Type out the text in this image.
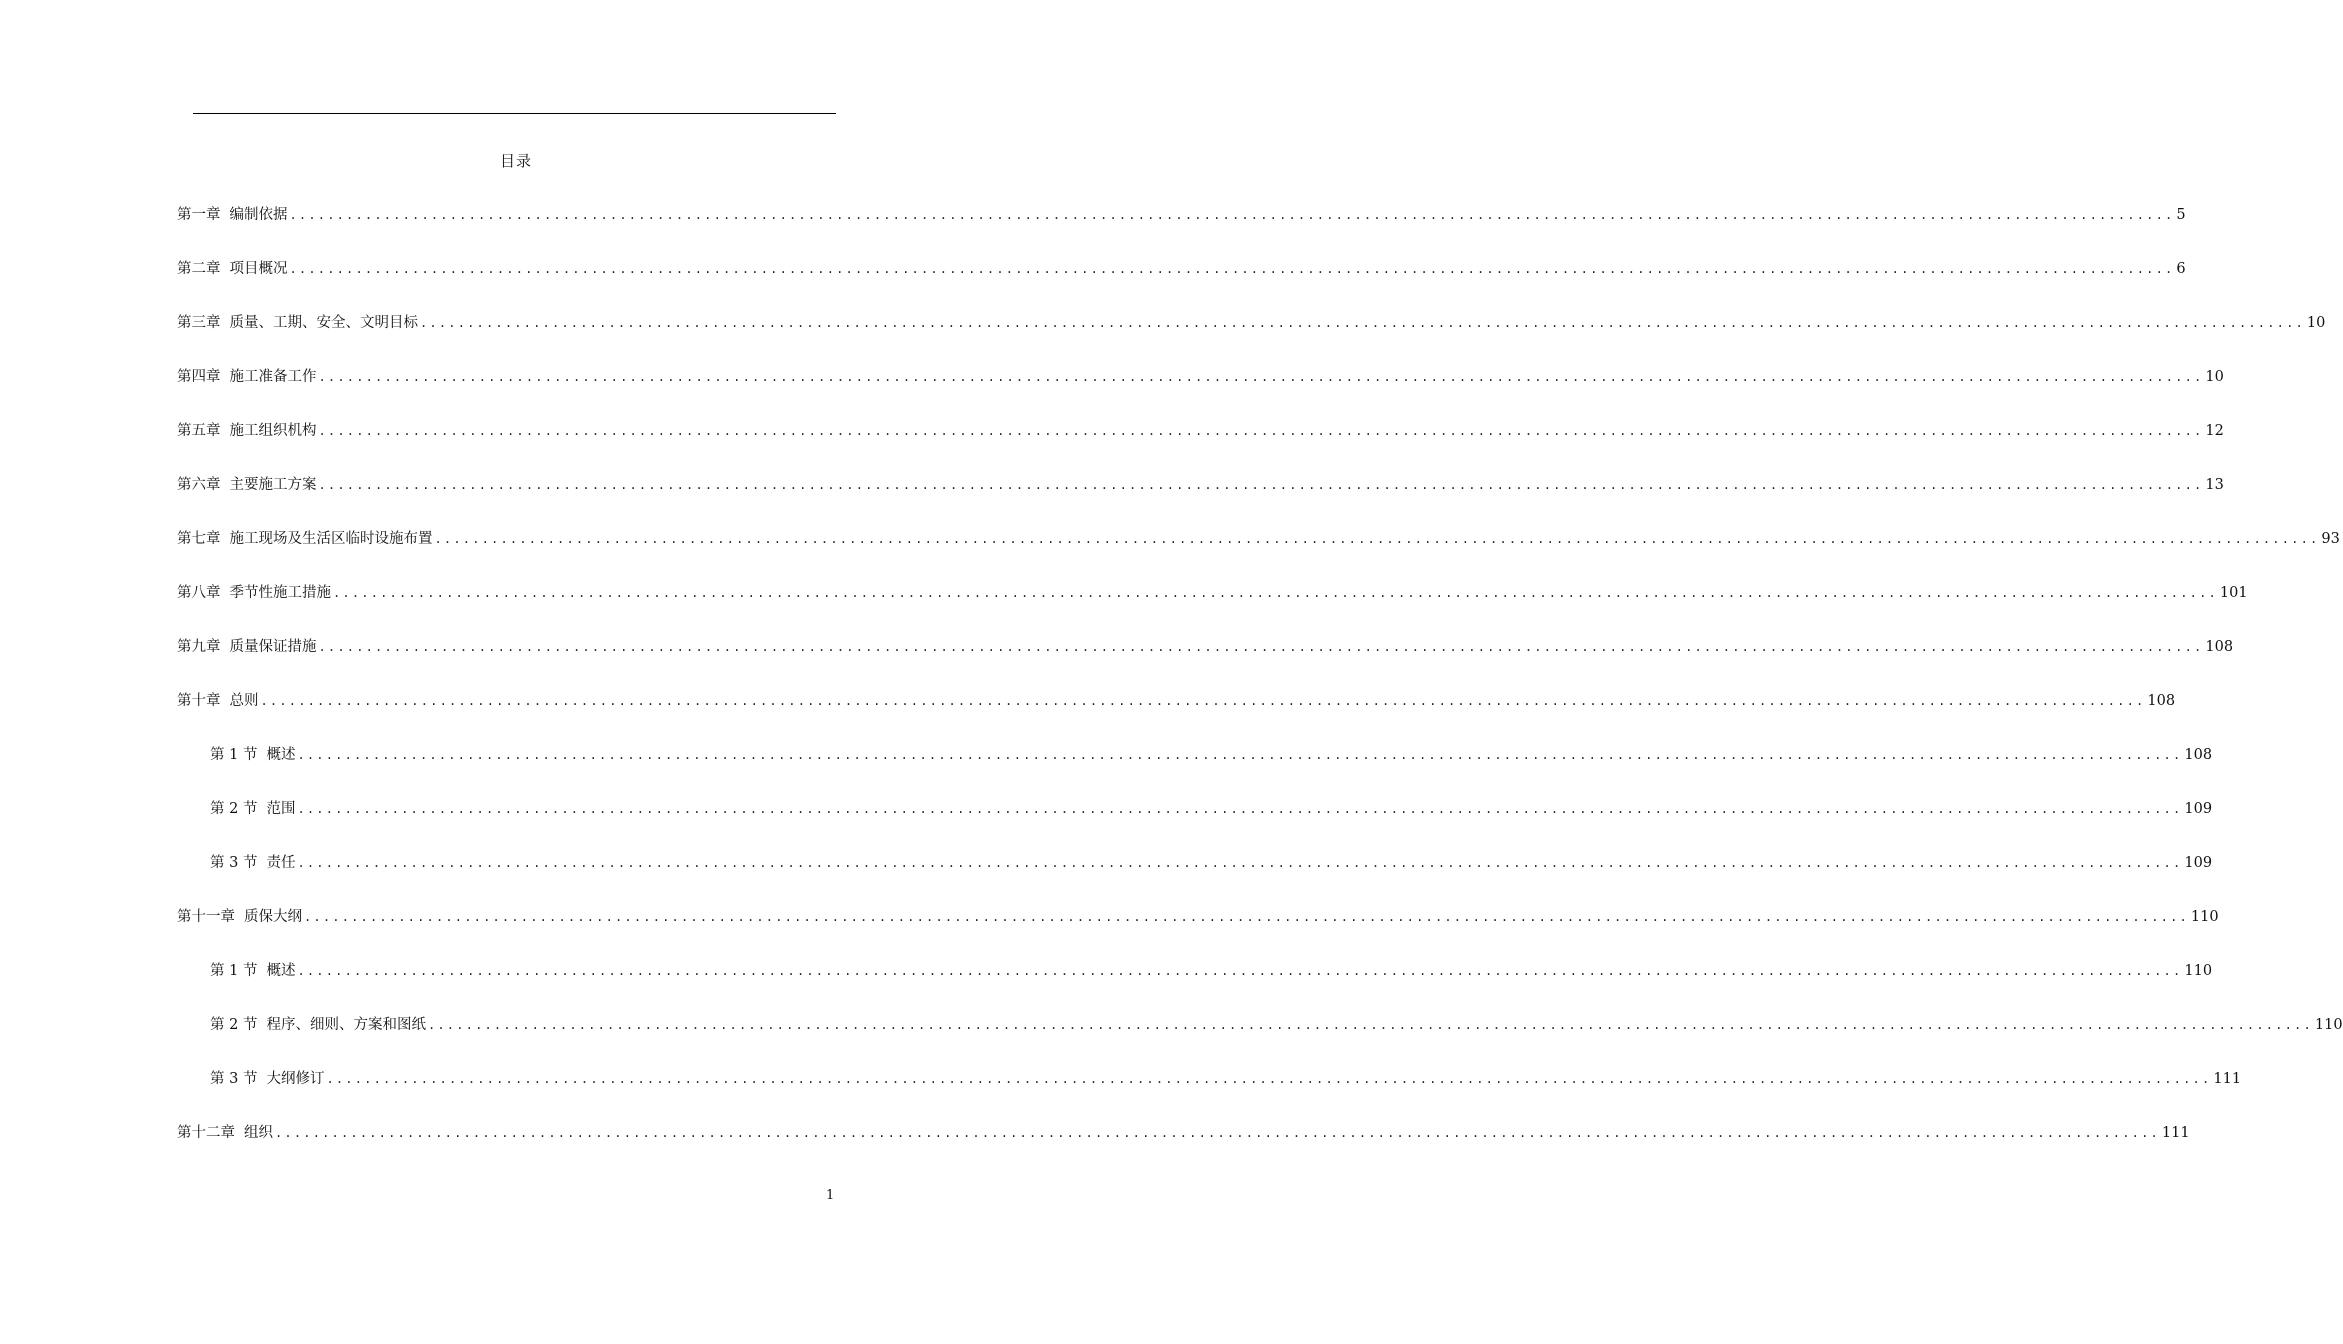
目录
第一章 编制依据 ........................................................................................................................................................................................................ 5
第二章 项目概况 ........................................................................................................................................................................................................ 6
第三章 质量、工期、安全、文明目标 ........................................................................................................................................................................................................ 10
第四章 施工准备工作 ........................................................................................................................................................................................................ 10
第五章 施工组织机构 ........................................................................................................................................................................................................ 12
第六章 主要施工方案 ........................................................................................................................................................................................................ 13
第七章 施工现场及生活区临时设施布置 ........................................................................................................................................................................................................ 93
第八章 季节性施工措施 ........................................................................................................................................................................................................ 101
第九章 质量保证措施 ........................................................................................................................................................................................................ 108
第十章 总则 ........................................................................................................................................................................................................ 108
第 1 节 概述 ........................................................................................................................................................................................................ 108
第 2 节 范围 ........................................................................................................................................................................................................ 109
第 3 节 责任 ........................................................................................................................................................................................................ 109
第十一章 质保大纲 ........................................................................................................................................................................................................ 110
第 1 节 概述 ........................................................................................................................................................................................................ 110
第 2 节 程序、细则、方案和图纸 ........................................................................................................................................................................................................ 110
第 3 节 大纲修订 ........................................................................................................................................................................................................ 111
第十二章 组织 ........................................................................................................................................................................................................ 111
1
